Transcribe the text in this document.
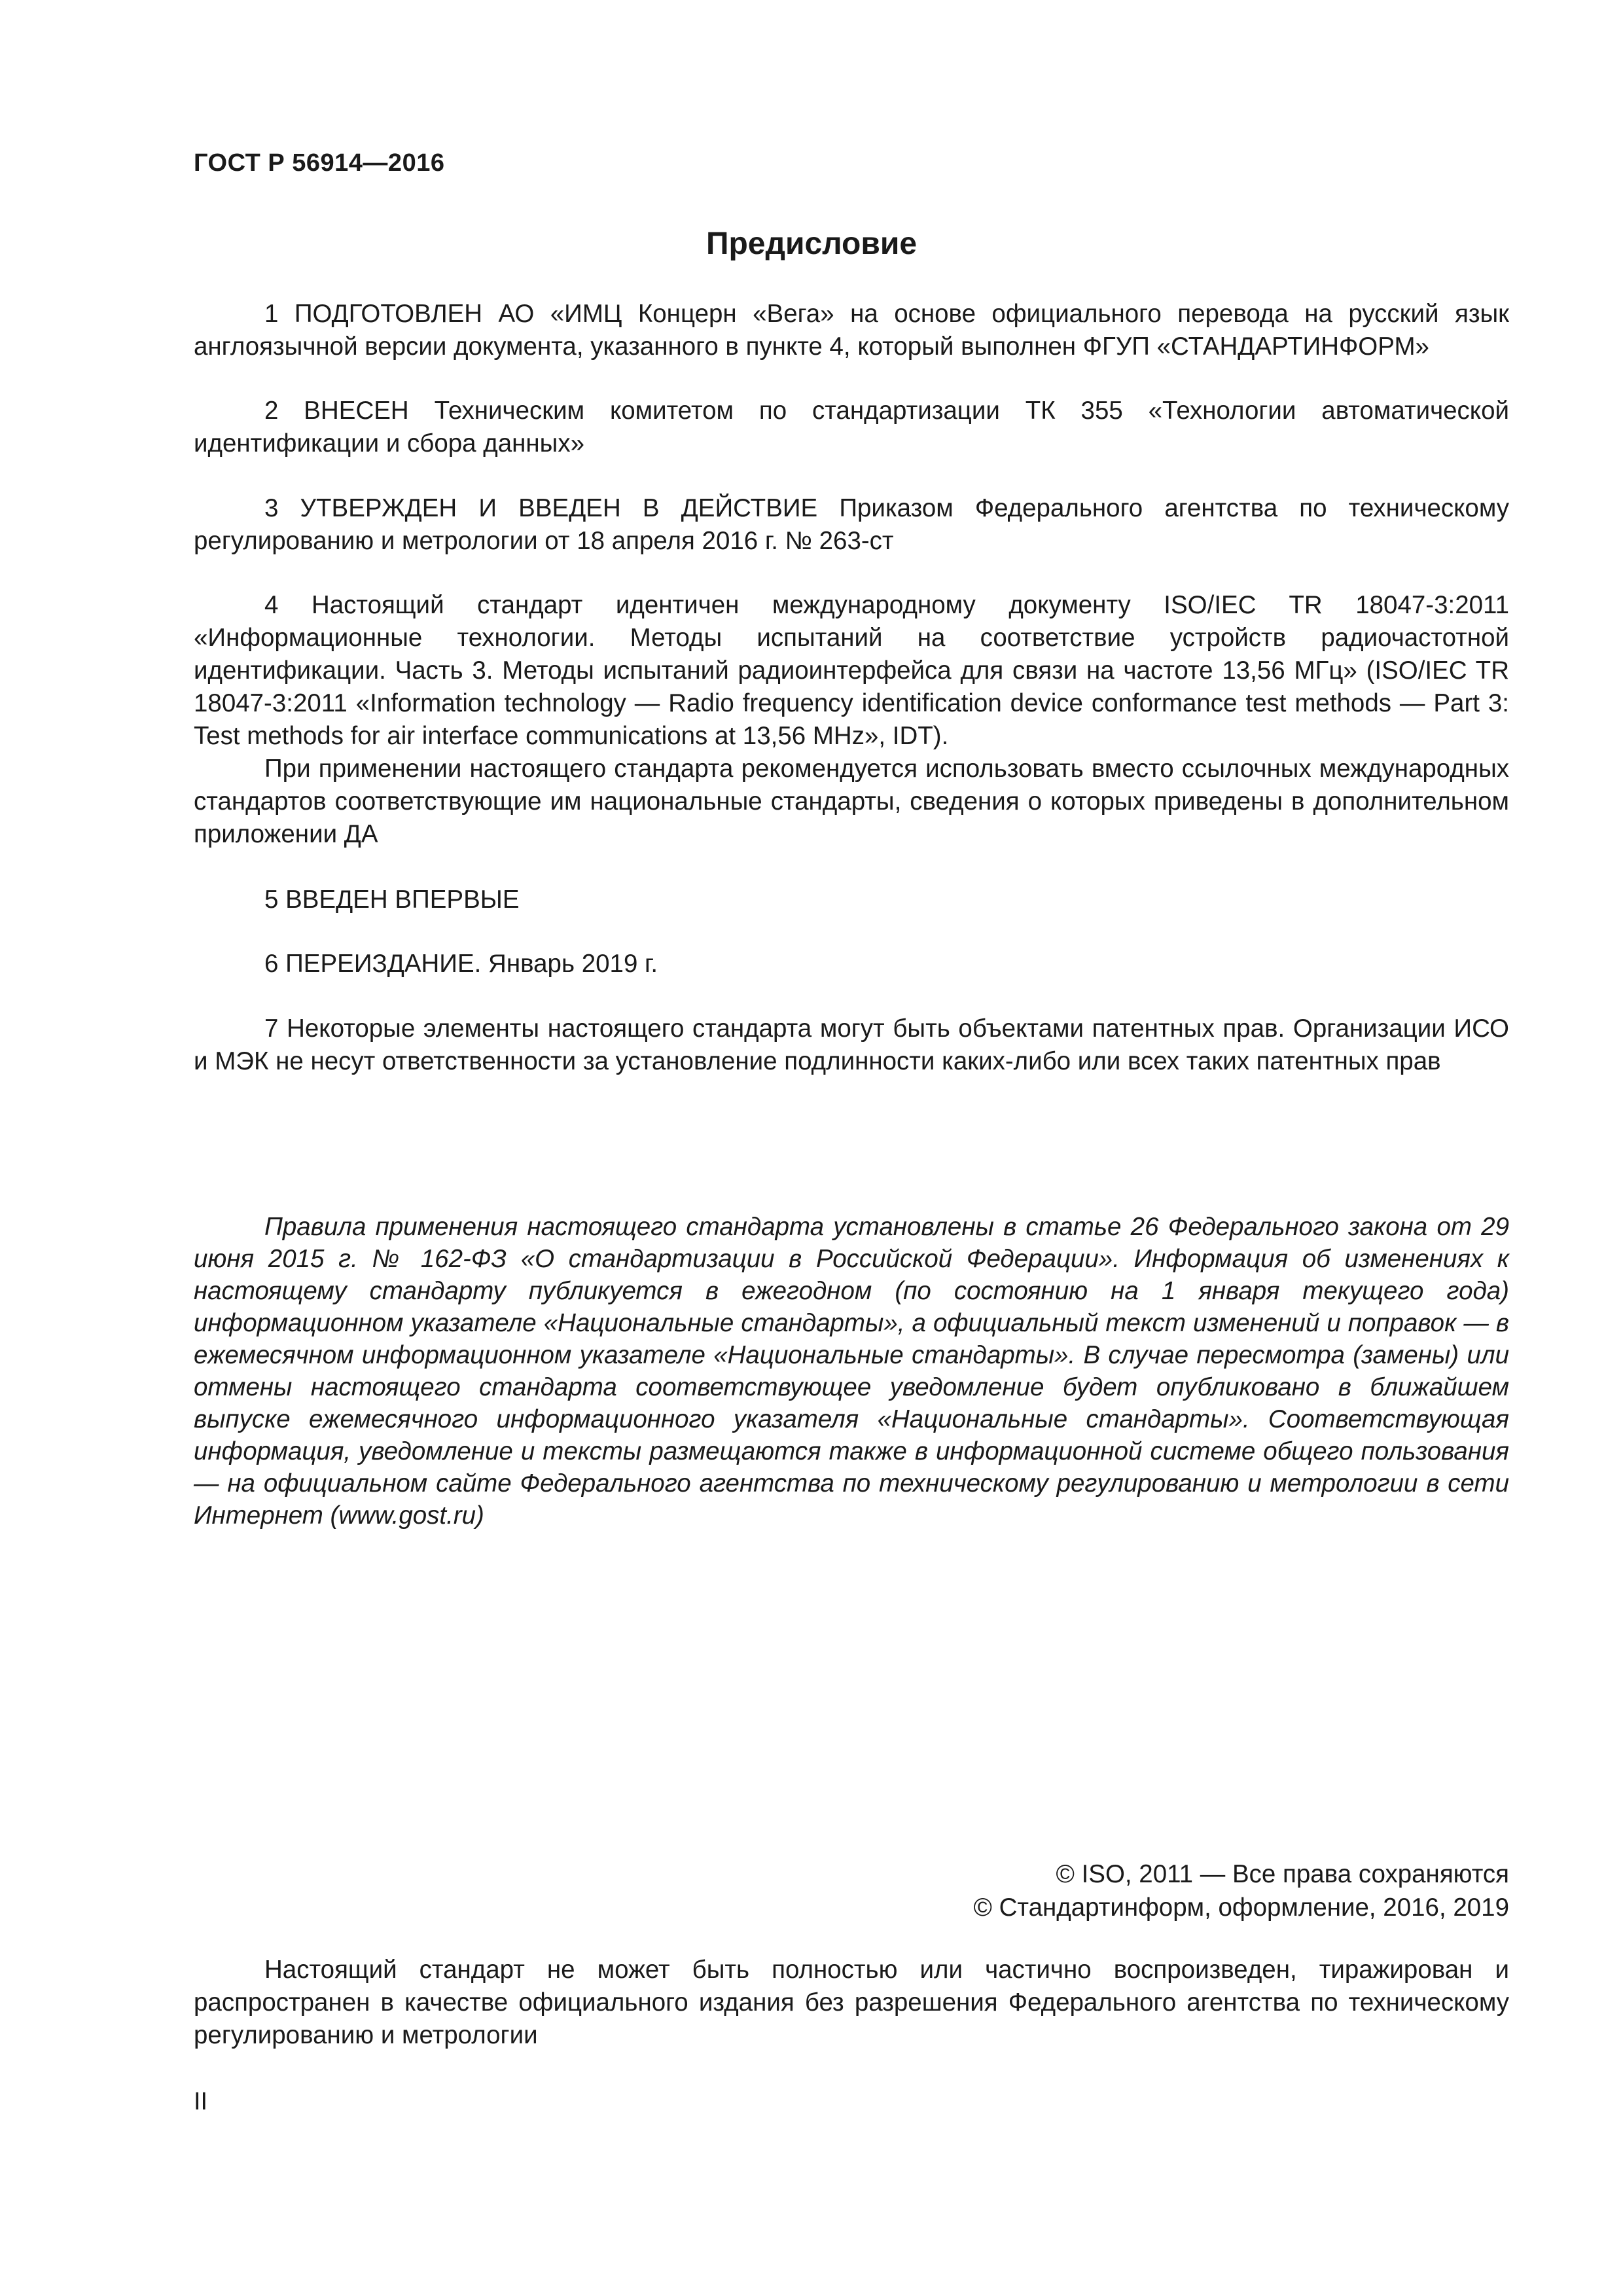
ГОСТ Р 56914—2016
Предисловие

1 ПОДГОТОВЛЕН АО «ИМЦ Концерн «Вега» на основе официального перевода на русский язык англоязычной версии документа, указанного в пункте 4, который выполнен ФГУП «СТАНДАРТИНФОРМ»

2 ВНЕСЕН Техническим комитетом по стандартизации ТК 355 «Технологии автоматической идентификации и сбора данных»

3 УТВЕРЖДЕН И ВВЕДЕН В ДЕЙСТВИЕ Приказом Федерального агентства по техническому регулированию и метрологии от 18 апреля 2016 г. № 263-ст

4 Настоящий стандарт идентичен международному документу ISO/IEC TR 18047-3:2011 «Информационные технологии. Методы испытаний на соответствие устройств радиочастотной идентификации. Часть 3. Методы испытаний радиоинтерфейса для связи на частоте 13,56 МГц» (ISO/IEC TR 18047-3:2011 «Information technology — Radio frequency identification device conformance test methods — Part 3: Test methods for air interface communications at 13,56 MHz», IDT).

При применении настоящего стандарта рекомендуется использовать вместо ссылочных международных стандартов соответствующие им национальные стандарты, сведения о которых приведены в дополнительном приложении ДА

5 ВВЕДЕН ВПЕРВЫЕ

6 ПЕРЕИЗДАНИЕ. Январь 2019 г.

7 Некоторые элементы настоящего стандарта могут быть объектами патентных прав. Организации ИСО и МЭК не несут ответственности за установление подлинности каких-либо или всех таких патентных прав

Правила применения настоящего стандарта установлены в статье 26 Федерального закона от 29 июня 2015 г. № 162-ФЗ «О стандартизации в Российской Федерации». Информация об изменениях к настоящему стандарту публикуется в ежегодном (по состоянию на 1 января текущего года) информационном указателе «Национальные стандарты», а официальный текст изменений и поправок — в ежемесячном информационном указателе «Национальные стандарты». В случае пересмотра (замены) или отмены настоящего стандарта соответствующее уведомление будет опубликовано в ближайшем выпуске ежемесячного информационного указателя «Национальные стандарты». Соответствующая информация, уведомление и тексты размещаются также в информационной системе общего пользования — на официальном сайте Федерального агентства по техническому регулированию и метрологии в сети Интернет (www.gost.ru)

© ISO, 2011 — Все права сохраняются
© Стандартинформ, оформление, 2016, 2019

Настоящий стандарт не может быть полностью или частично воспроизведен, тиражирован и распространен в качестве официального издания без разрешения Федерального агентства по техническому регулированию и метрологии

II
